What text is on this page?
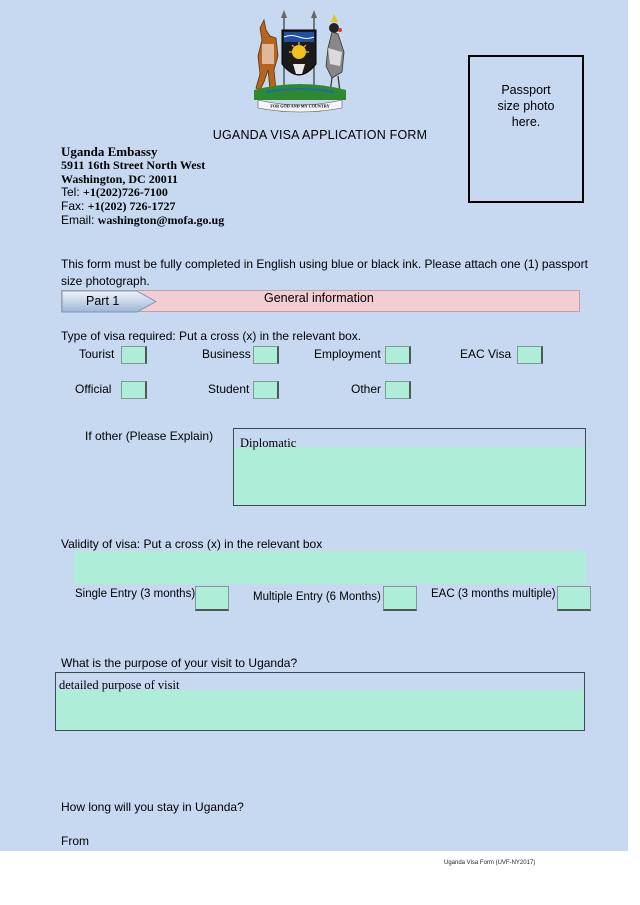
FOR GOD AND MY COUNTRY
Passport
size photo
here.
UGANDA VISA APPLICATION FORM
Uganda Embassy
5911 16th Street North West
Washington, DC 20011
Tel: +1(202)726-7100
Fax: +1(202) 726-1727
Email: washington@mofa.go.ug
This form must be fully completed in English using blue or black ink. Please attach one (1) passport size photograph.
Part 1	General information
Type of visa required: Put a cross (x) in the relevant box.
Tourist	Business	Employment	EAC Visa
Official	Student	Other
If other (Please Explain) Diplomatic
Validity of visa: Put a cross (x) in the relevant box
Single Entry (3 months)	Multiple Entry (6 Months)	EAC (3 months multiple)
What is the purpose of your visit to Uganda?
detailed purpose of visit
How long will you stay in Uganda?
From
Uganda Visa Form (UVF-NY2017)
